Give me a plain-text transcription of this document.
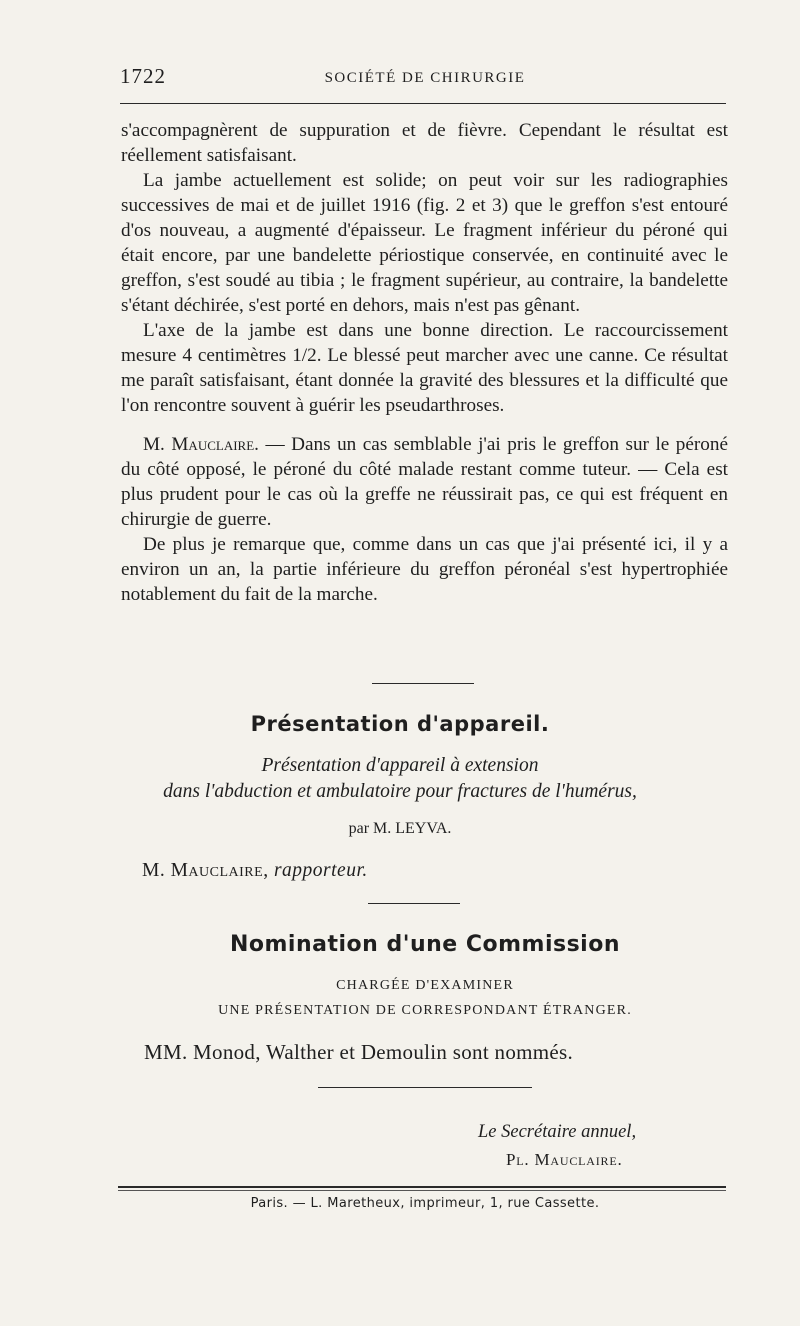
1722	SOCIÉTÉ DE CHIRURGIE

s'accompagnèrent de suppuration et de fièvre. Cependant le résultat est réellement satisfaisant.

La jambe actuellement est solide; on peut voir sur les radiographies successives de mai et de juillet 1916 (fig. 2 et 3) que le greffon s'est entouré d'os nouveau, a augmenté d'épaisseur. Le fragment inférieur du péroné qui était encore, par une bandelette périostique conservée, en continuité avec le greffon, s'est soudé au tibia ; le fragment supérieur, au contraire, la bandelette s'étant déchirée, s'est porté en dehors, mais n'est pas gênant.

L'axe de la jambe est dans une bonne direction. Le raccourcissement mesure 4 centimètres 1/2. Le blessé peut marcher avec une canne. Ce résultat me paraît satisfaisant, étant donnée la gravité des blessures et la difficulté que l'on rencontre souvent à guérir les pseudarthroses.

M. Mauclaire. — Dans un cas semblable j'ai pris le greffon sur le péroné du côté opposé, le péroné du côté malade restant comme tuteur. — Cela est plus prudent pour le cas où la greffe ne réussirait pas, ce qui est fréquent en chirurgie de guerre.

De plus je remarque que, comme dans un cas que j'ai présenté ici, il y a environ un an, la partie inférieure du greffon péronéal s'est hypertrophiée notablement du fait de la marche.

Présentation d'appareil.
Présentation d'appareil à extension
dans l'abduction et ambulatoire pour fractures de l'humérus,
par M. LEYVA.
M. Mauclaire, rapporteur.
Nomination d'une Commission
CHARGÉE D'EXAMINER
UNE PRÉSENTATION DE CORRESPONDANT ÉTRANGER.
MM. Monod, Walther et Demoulin sont nommés.
Le Secrétaire annuel,
Pl. Mauclaire.
Paris. — L. Maretheux, imprimeur, 1, rue Cassette.
